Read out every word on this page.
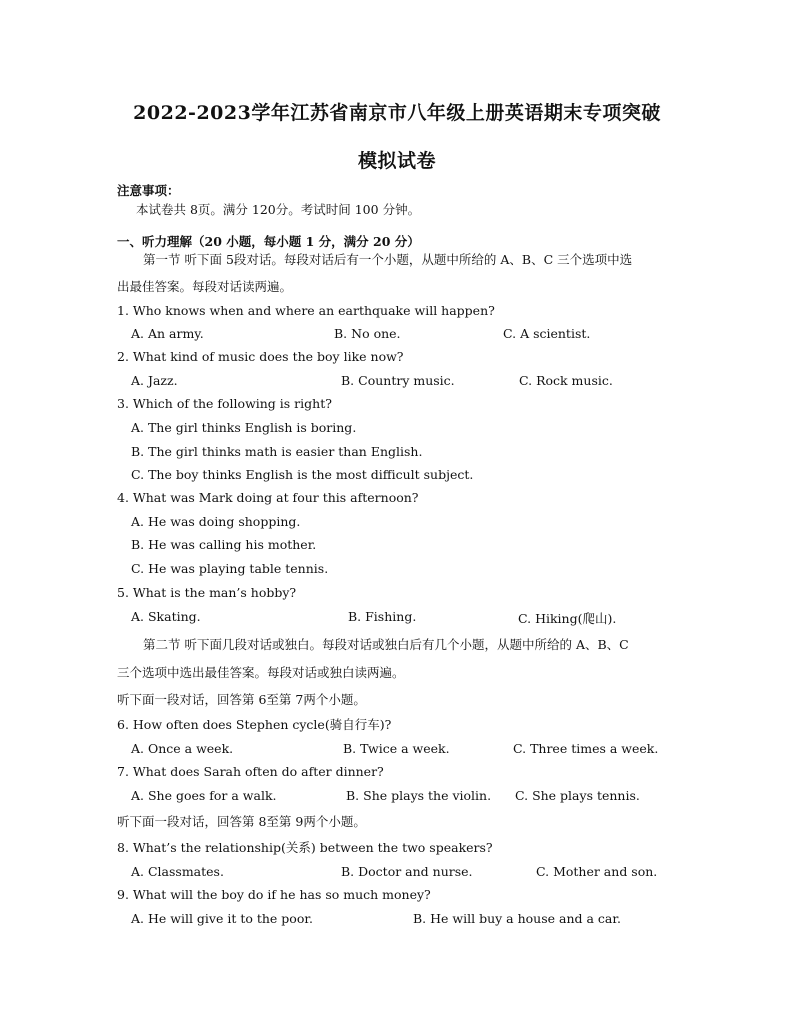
2022-2023学年江苏省南京市八年级上册英语期末专项突破
模拟试卷
注意事项：
本试卷共 8页。满分 120分。考试时间 100 分钟。
一、听力理解（20 小题，每小题 1 分，满分 20 分）
第一节 听下面 5段对话。每段对话后有一个小题，从题中所给的 A、B、C 三个选项中选
出最佳答案。每段对话读两遍。
1. Who knows when and where an earthquake will happen?
A. An army.	B. No one.	C. A scientist.
2. What kind of music does the boy like now?
A. Jazz.	B. Country music.	C. Rock music.
3. Which of the following is right?
A. The girl thinks English is boring.
B. The girl thinks math is easier than English.
C. The boy thinks English is the most difficult subject.
4. What was Mark doing at four this afternoon?
A. He was doing shopping.
B. He was calling his mother.
C. He was playing table tennis.
5. What is the man’s hobby?
A. Skating.	B. Fishing.	C. Hiking(爬山).
第二节 听下面几段对话或独白。每段对话或独白后有几个小题，从题中所给的 A、B、C
三个选项中选出最佳答案。每段对话或独白读两遍。
听下面一段对话，回答第 6至第 7两个小题。
6. How often does Stephen cycle(骑自行车)?
A. Once a week.	B. Twice a week.	C. Three times a week.
7. What does Sarah often do after dinner?
A. She goes for a walk.	B. She plays the violin. C. She plays tennis.
听下面一段对话，回答第 8至第 9两个小题。
8. What’s the relationship(关系) between the two speakers?
A. Classmates.	B. Doctor and nurse.	C. Mother and son.
9. What will the boy do if he has so much money?
A. He will give it to the poor.	B. He will buy a house and a car.
